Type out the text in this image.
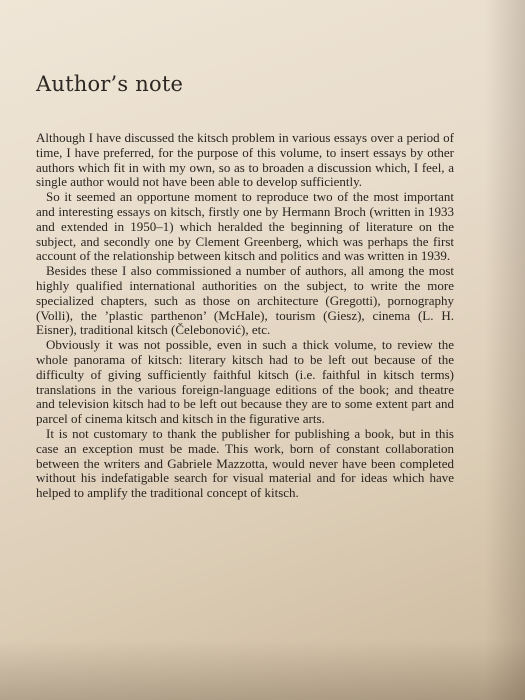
Author’s note

Although I have discussed the kitsch problem in various essays over a period of time, I have preferred, for the purpose of this volume, to insert essays by other authors which fit in with my own, so as to broaden a discussion which, I feel, a single author would not have been able to develop sufficiently.

So it seemed an opportune moment to reproduce two of the most important and interesting essays on kitsch, firstly one by Hermann Broch (written in 1933 and extended in 1950–1) which heralded the beginning of literature on the subject, and secondly one by Clement Greenberg, which was perhaps the first account of the relationship between kitsch and politics and was written in 1939.

Besides these I also commissioned a number of authors, all among the most highly qualified international authorities on the subject, to write the more specialized chapters, such as those on architecture (Gregotti), pornography (Volli), the ’plastic parthenon’ (McHale), tourism (Giesz), cinema (L. H. Eisner), traditional kitsch (Čelebonović), etc.

Obviously it was not possible, even in such a thick volume, to review the whole panorama of kitsch: literary kitsch had to be left out because of the difficulty of giving sufficiently faithful kitsch (i.e. faithful in kitsch terms) translations in the various foreign-language editions of the book; and theatre and television kitsch had to be left out because they are to some extent part and parcel of cinema kitsch and kitsch in the figurative arts.

It is not customary to thank the publisher for publishing a book, but in this case an exception must be made. This work, born of constant collaboration between the writers and Gabriele Mazzotta, would never have been completed without his indefatigable search for visual material and for ideas which have helped to amplify the traditional concept of kitsch.
